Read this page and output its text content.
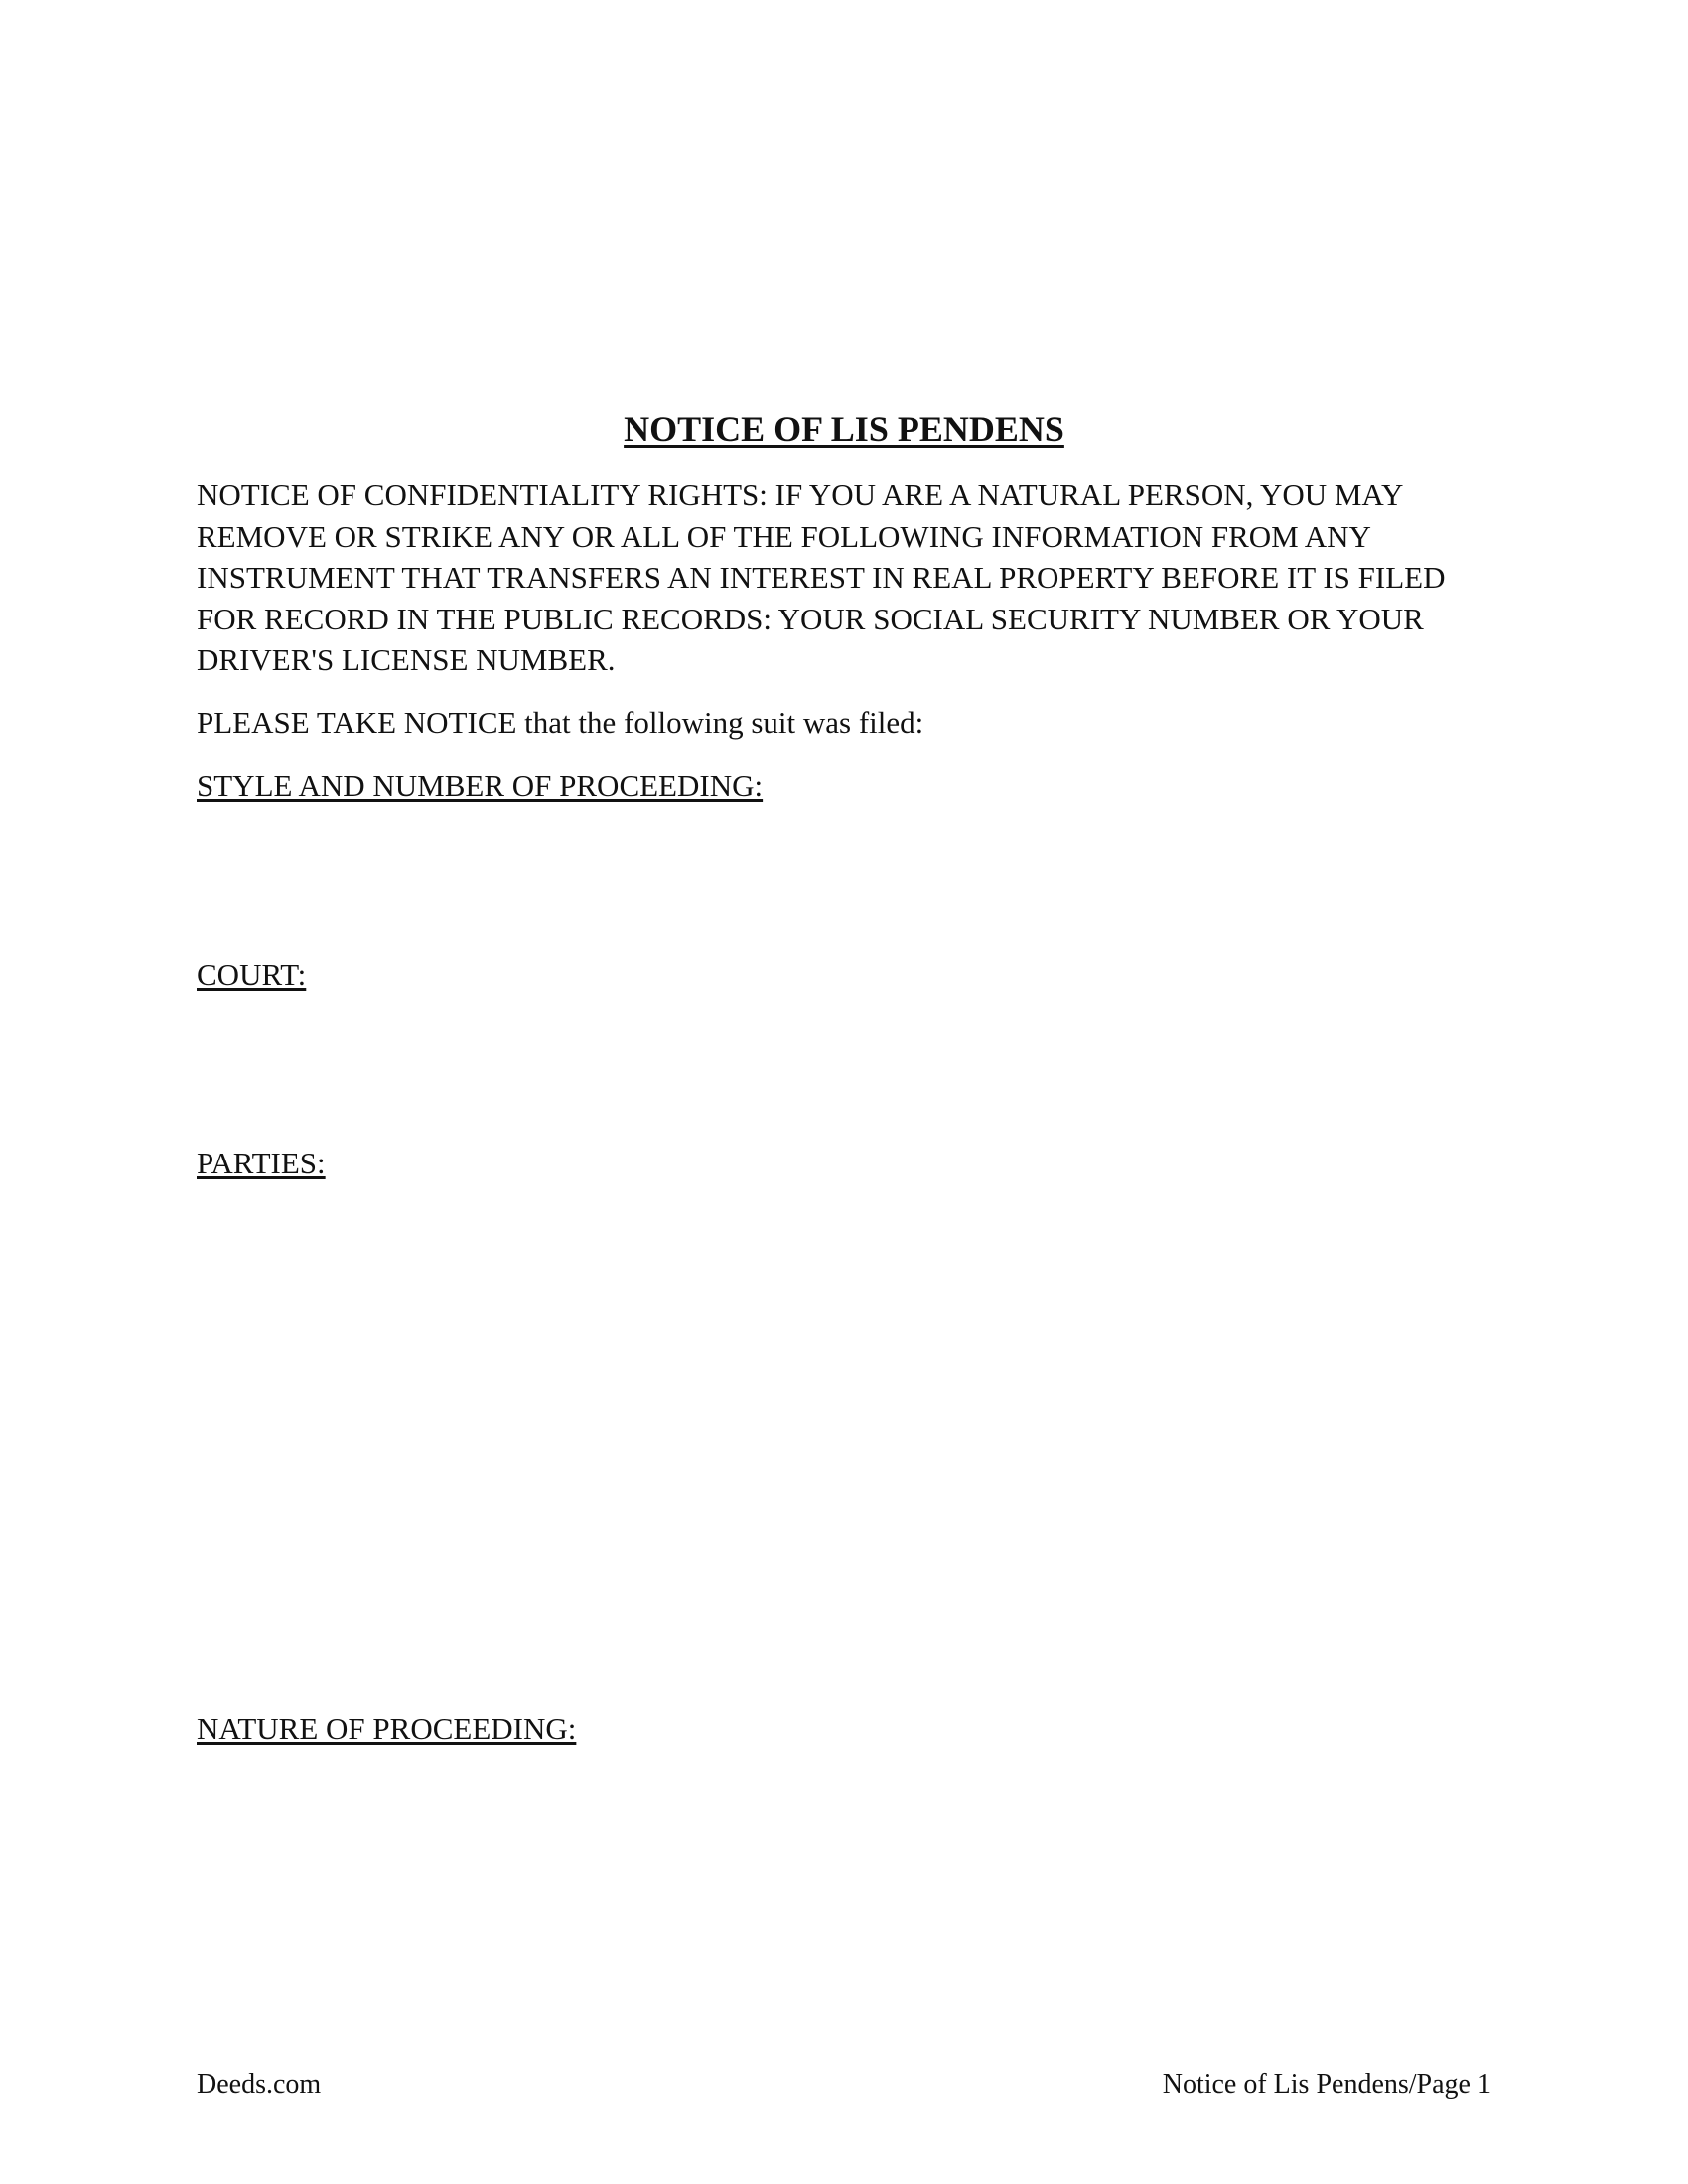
NOTICE OF LIS PENDENS

NOTICE OF CONFIDENTIALITY RIGHTS: IF YOU ARE A NATURAL PERSON, YOU MAY REMOVE OR STRIKE ANY OR ALL OF THE FOLLOWING INFORMATION FROM ANY INSTRUMENT THAT TRANSFERS AN INTEREST IN REAL PROPERTY BEFORE IT IS FILED FOR RECORD IN THE PUBLIC RECORDS: YOUR SOCIAL SECURITY NUMBER OR YOUR DRIVER'S LICENSE NUMBER.

PLEASE TAKE NOTICE that the following suit was filed:

STYLE AND NUMBER OF PROCEEDING:

COURT:

PARTIES:

NATURE OF PROCEEDING:

Deeds.com	Notice of Lis Pendens/Page 1
